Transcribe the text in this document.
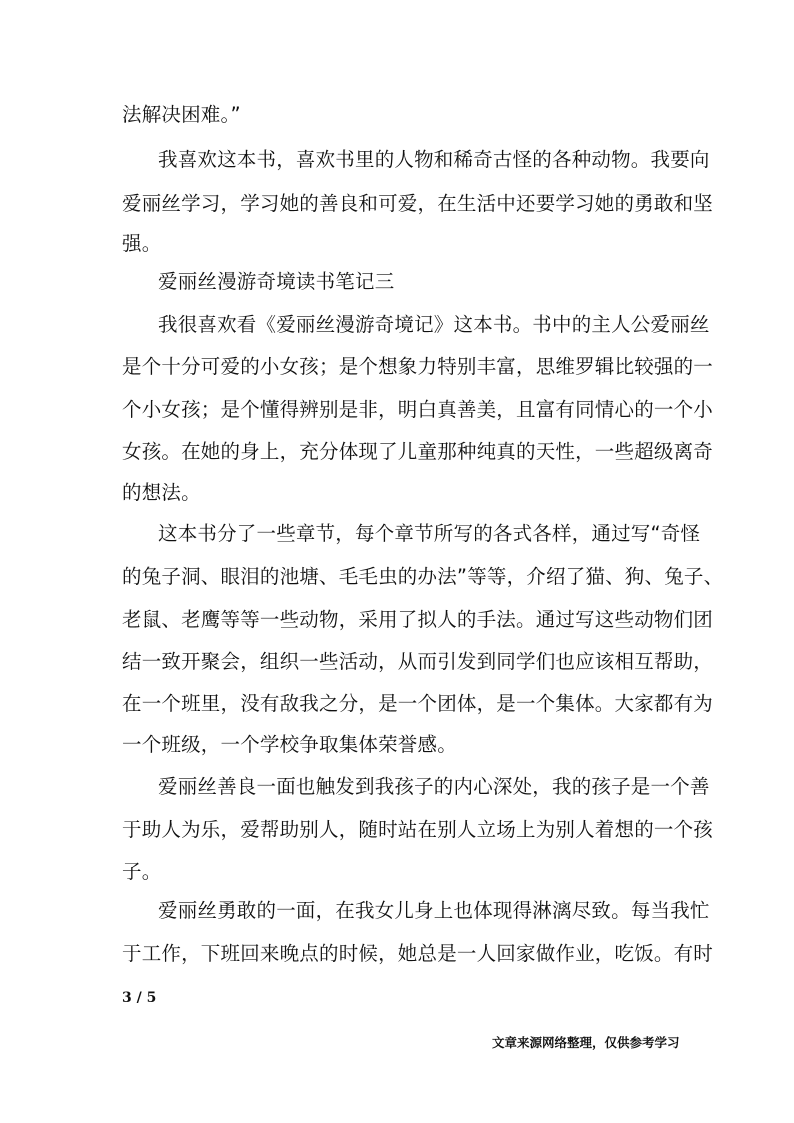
法解决困难。”
我喜欢这本书，喜欢书里的人物和稀奇古怪的各种动物。我要向
爱丽丝学习，学习她的善良和可爱，在生活中还要学习她的勇敢和坚
强。
爱丽丝漫游奇境读书笔记三
我很喜欢看《爱丽丝漫游奇境记》这本书。书中的主人公爱丽丝
是个十分可爱的小女孩；是个想象力特别丰富，思维罗辑比较强的一
个小女孩；是个懂得辨别是非，明白真善美，且富有同情心的一个小
女孩。在她的身上，充分体现了儿童那种纯真的天性，一些超级离奇
的想法。
这本书分了一些章节，每个章节所写的各式各样，通过写“奇怪
的兔子洞、眼泪的池塘、毛毛虫的办法”等等，介绍了猫、狗、兔子、
老鼠、老鹰等等一些动物，采用了拟人的手法。通过写这些动物们团
结一致开聚会，组织一些活动，从而引发到同学们也应该相互帮助，
在一个班里，没有敌我之分，是一个团体，是一个集体。大家都有为
一个班级，一个学校争取集体荣誉感。
爱丽丝善良一面也触发到我孩子的内心深处，我的孩子是一个善
于助人为乐，爱帮助别人，随时站在别人立场上为别人着想的一个孩
子。
爱丽丝勇敢的一面，在我女儿身上也体现得淋漓尽致。每当我忙
于工作，下班回来晚点的时候，她总是一人回家做作业，吃饭。有时
3 / 5
文章来源网络整理，仅供参考学习
